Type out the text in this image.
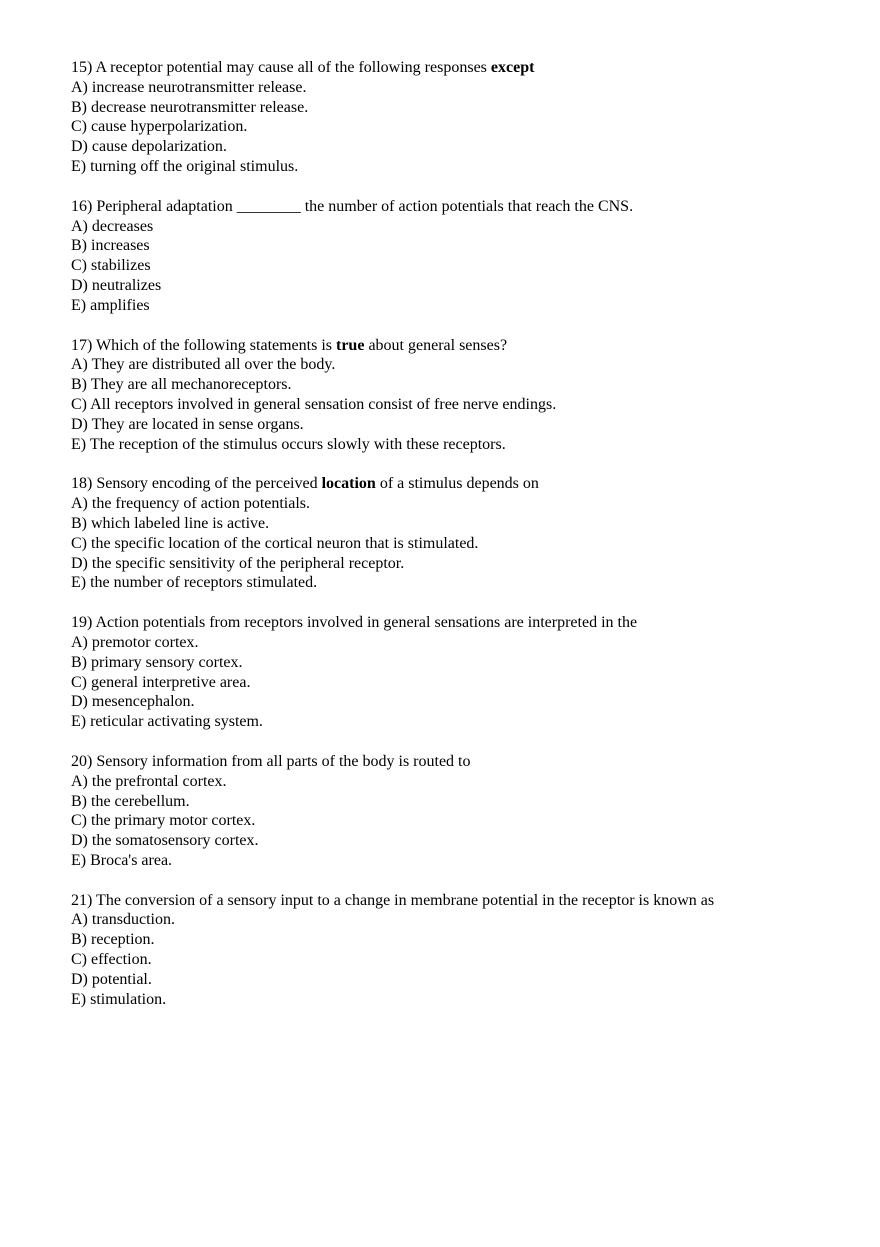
15) A receptor potential may cause all of the following responses except
A) increase neurotransmitter release.
B) decrease neurotransmitter release.
C) cause hyperpolarization.
D) cause depolarization.
E) turning off the original stimulus.
16) Peripheral adaptation ________ the number of action potentials that reach the CNS.
A) decreases
B) increases
C) stabilizes
D) neutralizes
E) amplifies
17) Which of the following statements is true about general senses?
A) They are distributed all over the body.
B) They are all mechanoreceptors.
C) All receptors involved in general sensation consist of free nerve endings.
D) They are located in sense organs.
E) The reception of the stimulus occurs slowly with these receptors.
18) Sensory encoding of the perceived location of a stimulus depends on
A) the frequency of action potentials.
B) which labeled line is active.
C) the specific location of the cortical neuron that is stimulated.
D) the specific sensitivity of the peripheral receptor.
E) the number of receptors stimulated.
19) Action potentials from receptors involved in general sensations are interpreted in the
A) premotor cortex.
B) primary sensory cortex.
C) general interpretive area.
D) mesencephalon.
E) reticular activating system.
20) Sensory information from all parts of the body is routed to
A) the prefrontal cortex.
B) the cerebellum.
C) the primary motor cortex.
D) the somatosensory cortex.
E) Broca's area.
21) The conversion of a sensory input to a change in membrane potential in the receptor is known as
A) transduction.
B) reception.
C) effection.
D) potential.
E) stimulation.
